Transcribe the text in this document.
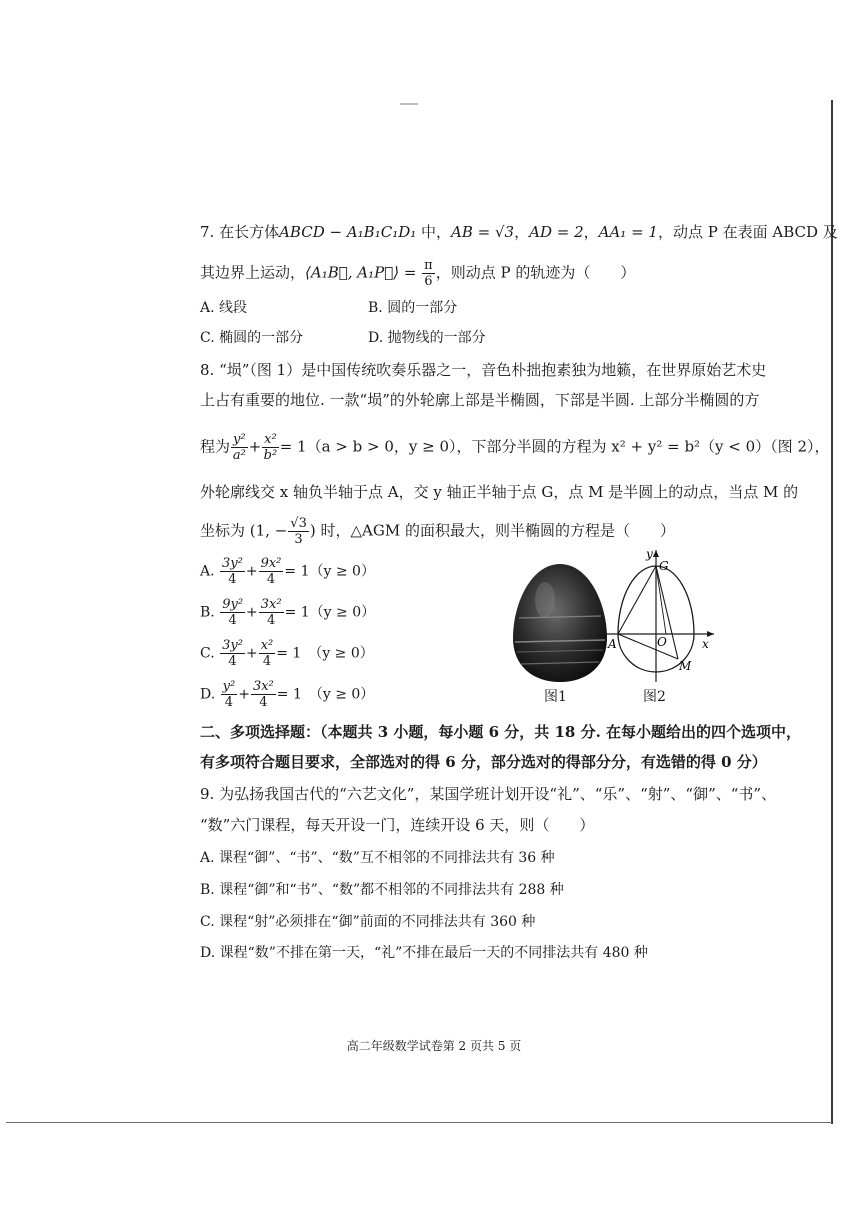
7. 在长方体ABCD − A₁B₁C₁D₁ 中，AB = √3，AD = 2，AA₁ = 1，动点 P 在表面 ABCD 及
其边界上运动，⟨A₁B⃗, A₁P⃗⟩ = $\frac{\pi}{6}$ ，则动点 P 的轨迹为（　　）
A. 线段	B. 圆的一部分
C. 椭圆的一部分	D. 抛物线的一部分
8. “埙”（图 1）是中国传统吹奏乐器之一，音色朴拙抱素独为地籁，在世界原始艺术史
上占有重要的地位. 一款“埙”的外轮廓上部是半椭圆，下部是半圆. 上部分半椭圆的方
程为 $\frac{\text{y²}}{\text{a²}} + \frac{\text{x²}}{\text{b²}} = 1(a > b > 0$，y ≥ 0），下部分半圆的方程为 x² + y² = b²（y < 0）（图 2），
外轮廓线交 x 轴负半轴于点 A，交 y 轴正半轴于点 G，点 M 是半圆上的动点，当点 M 的
坐标为 (1, − $\frac{√3}{3}$ ) 时，△AGM 的面积最大，则半椭圆的方程是（　　）
A. $\frac{\text{3y²}}{4} + \frac{\text{9x²}}{4} = 1(y \ge 0)$
B. $\frac{\text{9y²}}{4} + \frac{\text{3x²}}{4} = 1(y \ge 0)$
C. $\frac{\text{3y²}}{4} + \frac{\text{x²}}{4} = 1$　（y ≥ 0）
D. $\frac{\text{y²}}{4} + \frac{\text{3x²}}{4} = 1$　（y ≥ 0）	图1
y
x
G
O
A
M
图2
二、多项选择题：（本题共 3 小题，每小题 6 分，共 18 分. 在每小题给出的四个选项中，
有多项符合题目要求，全部选对的得 6 分，部分选对的得部分分，有选错的得 0 分）
9. 为弘扬我国古代的“六艺文化”，某国学班计划开设“礼”、“乐”、“射”、“御”、“书”、
“数”六门课程，每天开设一门，连续开设 6 天，则（　　）
A. 课程“御”、“书”、“数”互不相邻的不同排法共有 36 种
B. 课程“御”和“书”、“数”都不相邻的不同排法共有 288 种
C. 课程“射”必须排在“御”前面的不同排法共有 360 种
D. 课程“数”不排在第一天，“礼”不排在最后一天的不同排法共有 480 种
高二年级数学试卷第 2 页共 5 页
